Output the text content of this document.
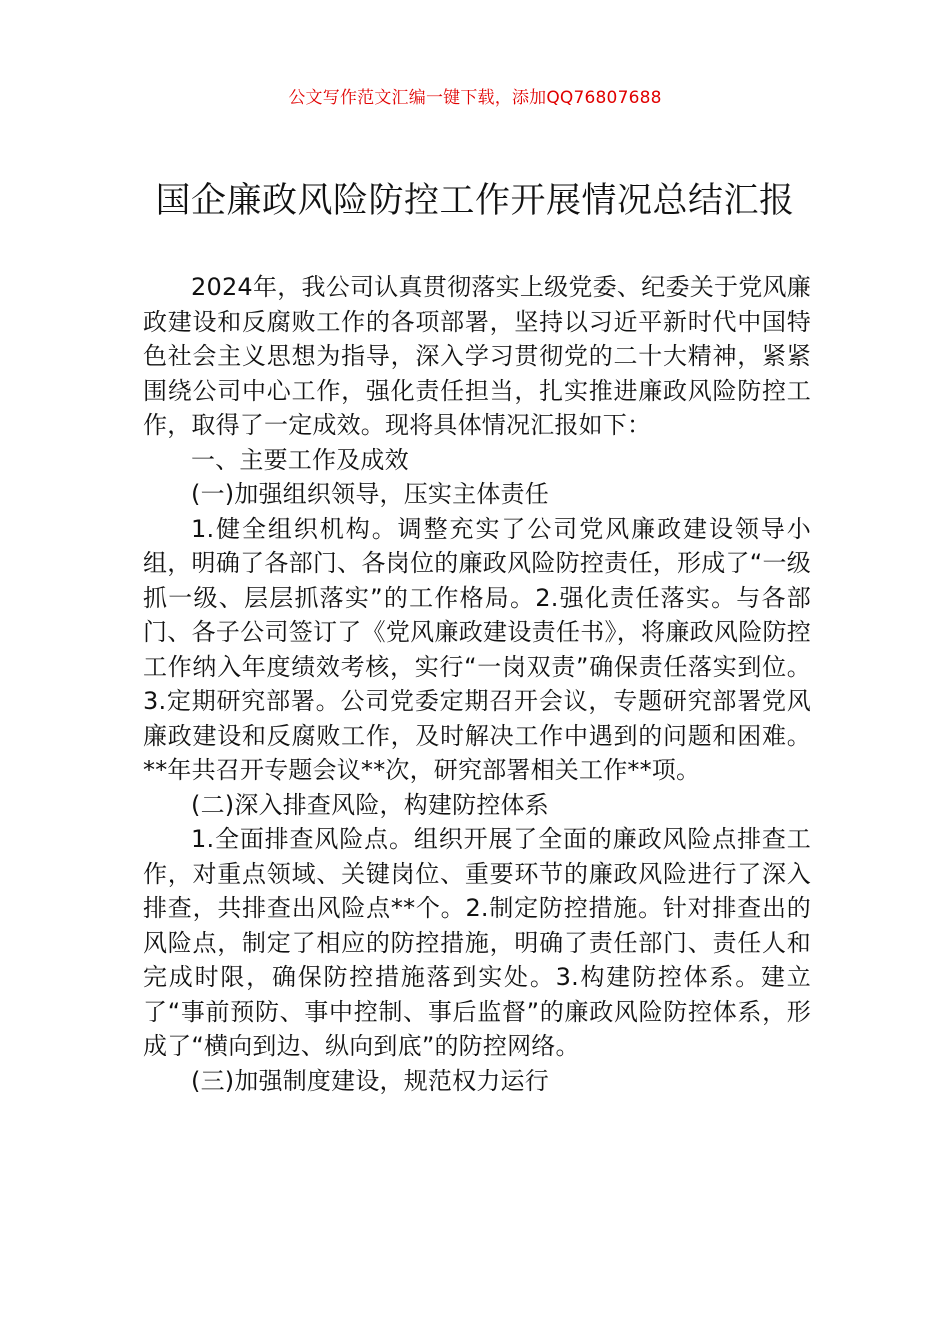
公文写作范文汇编一键下载，添加QQ76807688
国企廉政风险防控工作开展情况总结汇报

2024年，我公司认真贯彻落实上级党委、纪委关于党风廉政建设和反腐败工作的各项部署，坚持以习近平新时代中国特色社会主义思想为指导，深入学习贯彻党的二十大精神，紧紧围绕公司中心工作，强化责任担当，扎实推进廉政风险防控工作，取得了一定成效。现将具体情况汇报如下：

一、主要工作及成效

(一)加强组织领导，压实主体责任

1.健全组织机构。调整充实了公司党风廉政建设领导小组，明确了各部门、各岗位的廉政风险防控责任，形成了“一级抓一级、层层抓落实”的工作格局。2.强化责任落实。与各部门、各子公司签订了《党风廉政建设责任书》，将廉政风险防控工作纳入年度绩效考核，实行“一岗双责”确保责任落实到位。3.定期研究部署。公司党委定期召开会议，专题研究部署党风廉政建设和反腐败工作，及时解决工作中遇到的问题和困难。**年共召开专题会议**次，研究部署相关工作**项。

(二)深入排查风险，构建防控体系

1.全面排查风险点。组织开展了全面的廉政风险点排查工作，对重点领域、关键岗位、重要环节的廉政风险进行了深入排查，共排查出风险点**个。2.制定防控措施。针对排查出的风险点，制定了相应的防控措施，明确了责任部门、责任人和完成时限，确保防控措施落到实处。3.构建防控体系。建立了“事前预防、事中控制、事后监督”的廉政风险防控体系，形成了“横向到边、纵向到底”的防控网络。

(三)加强制度建设，规范权力运行
